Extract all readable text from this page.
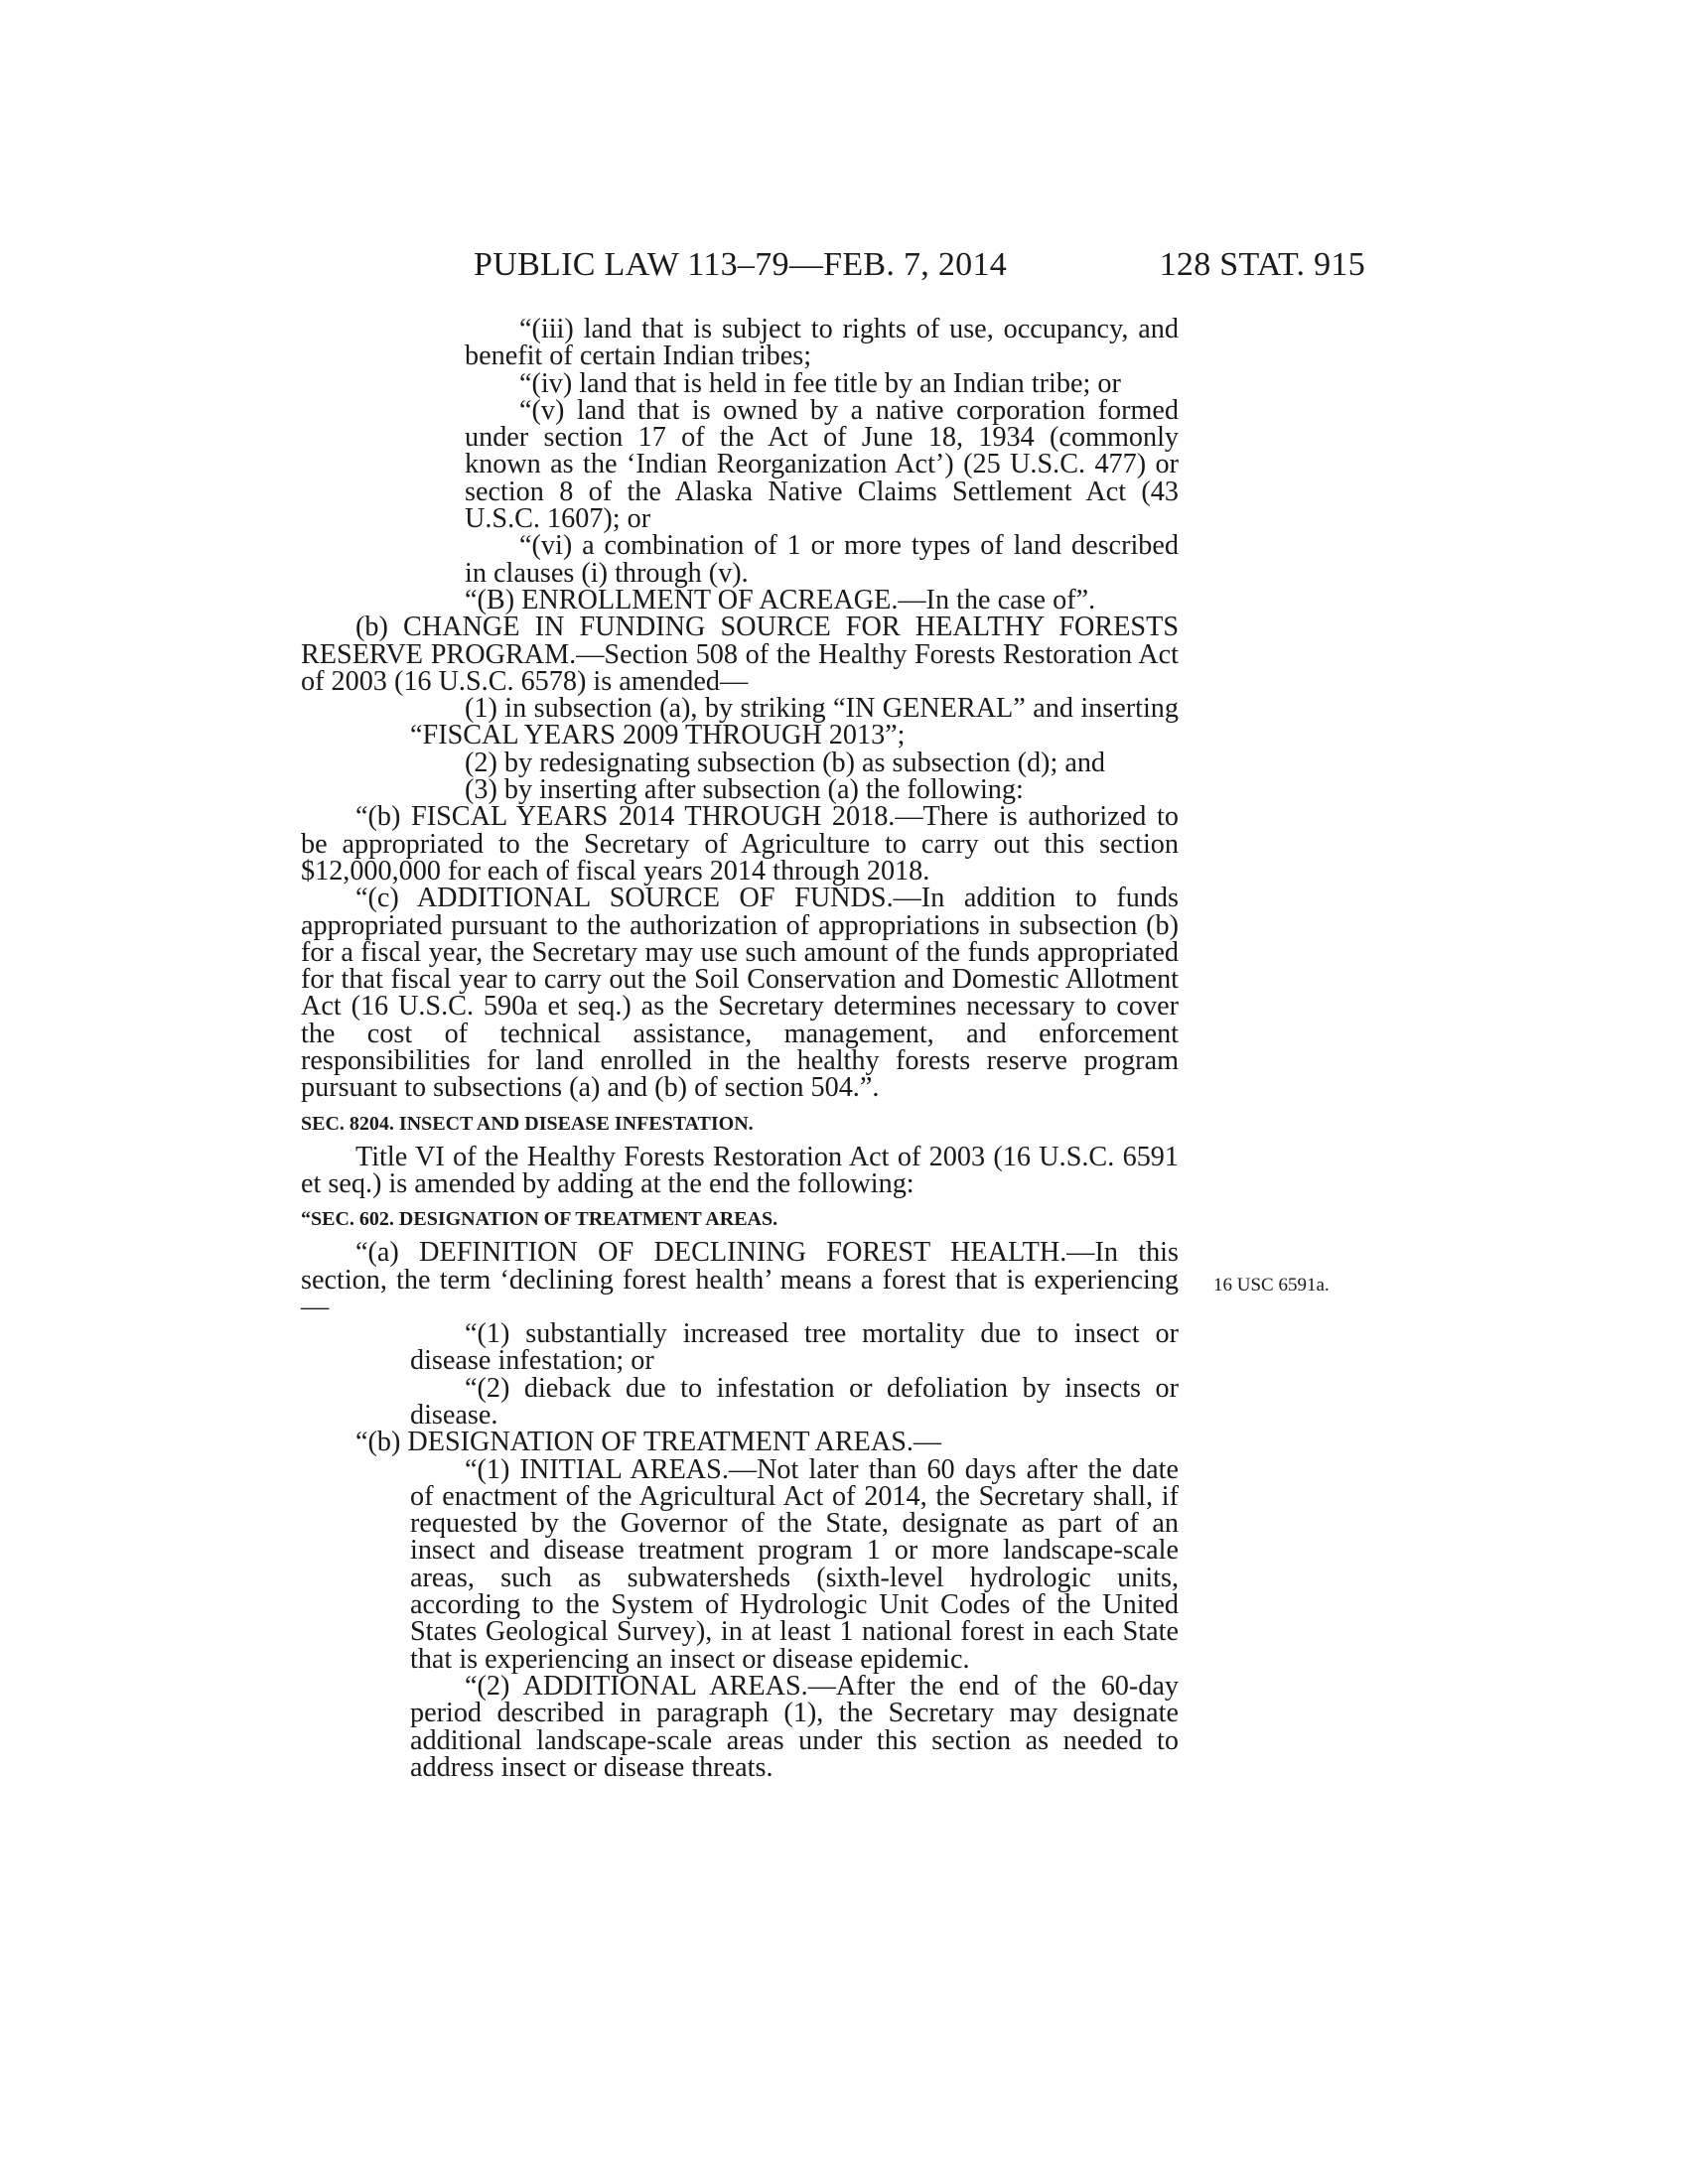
PUBLIC LAW 113–79—FEB. 7, 2014	128 STAT. 915
16 USC 6591a.

“(iii) land that is subject to rights of use, occupancy, and benefit of certain Indian tribes;

“(iv) land that is held in fee title by an Indian tribe; or

“(v) land that is owned by a native corporation formed under section 17 of the Act of June 18, 1934 (commonly known as the ‘Indian Reorganization Act’) (25 U.S.C. 477) or section 8 of the Alaska Native Claims Settlement Act (43 U.S.C. 1607); or

“(vi) a combination of 1 or more types of land described in clauses (i) through (v).

“(B) ENROLLMENT OF ACREAGE.—In the case of”.

(b) CHANGE IN FUNDING SOURCE FOR HEALTHY FORESTS RESERVE PROGRAM.—Section 508 of the Healthy Forests Restoration Act of 2003 (16 U.S.C. 6578) is amended—

(1) in subsection (a), by striking “IN GENERAL” and inserting “FISCAL YEARS 2009 THROUGH 2013”;

(2) by redesignating subsection (b) as subsection (d); and

(3) by inserting after subsection (a) the following:

“(b) FISCAL YEARS 2014 THROUGH 2018.—There is authorized to be appropriated to the Secretary of Agriculture to carry out this section $12,000,000 for each of fiscal years 2014 through 2018.

“(c) ADDITIONAL SOURCE OF FUNDS.—In addition to funds appropriated pursuant to the authorization of appropriations in subsection (b) for a fiscal year, the Secretary may use such amount of the funds appropriated for that fiscal year to carry out the Soil Conservation and Domestic Allotment Act (16 U.S.C. 590a et seq.) as the Secretary determines necessary to cover the cost of technical assistance, management, and enforcement responsibilities for land enrolled in the healthy forests reserve program pursuant to subsections (a) and (b) of section 504.”.

SEC. 8204. INSECT AND DISEASE INFESTATION.

Title VI of the Healthy Forests Restoration Act of 2003 (16 U.S.C. 6591 et seq.) is amended by adding at the end the following:

“SEC. 602. DESIGNATION OF TREATMENT AREAS.

“(a) DEFINITION OF DECLINING FOREST HEALTH.—In this section, the term ‘declining forest health’ means a forest that is experiencing—

“(1) substantially increased tree mortality due to insect or disease infestation; or

“(2) dieback due to infestation or defoliation by insects or disease.

“(b) DESIGNATION OF TREATMENT AREAS.—

“(1) INITIAL AREAS.—Not later than 60 days after the date of enactment of the Agricultural Act of 2014, the Secretary shall, if requested by the Governor of the State, designate as part of an insect and disease treatment program 1 or more landscape-scale areas, such as subwatersheds (sixth-level hydrologic units, according to the System of Hydrologic Unit Codes of the United States Geological Survey), in at least 1 national forest in each State that is experiencing an insect or disease epidemic.

“(2) ADDITIONAL AREAS.—After the end of the 60-day period described in paragraph (1), the Secretary may designate additional landscape-scale areas under this section as needed to address insect or disease threats.
